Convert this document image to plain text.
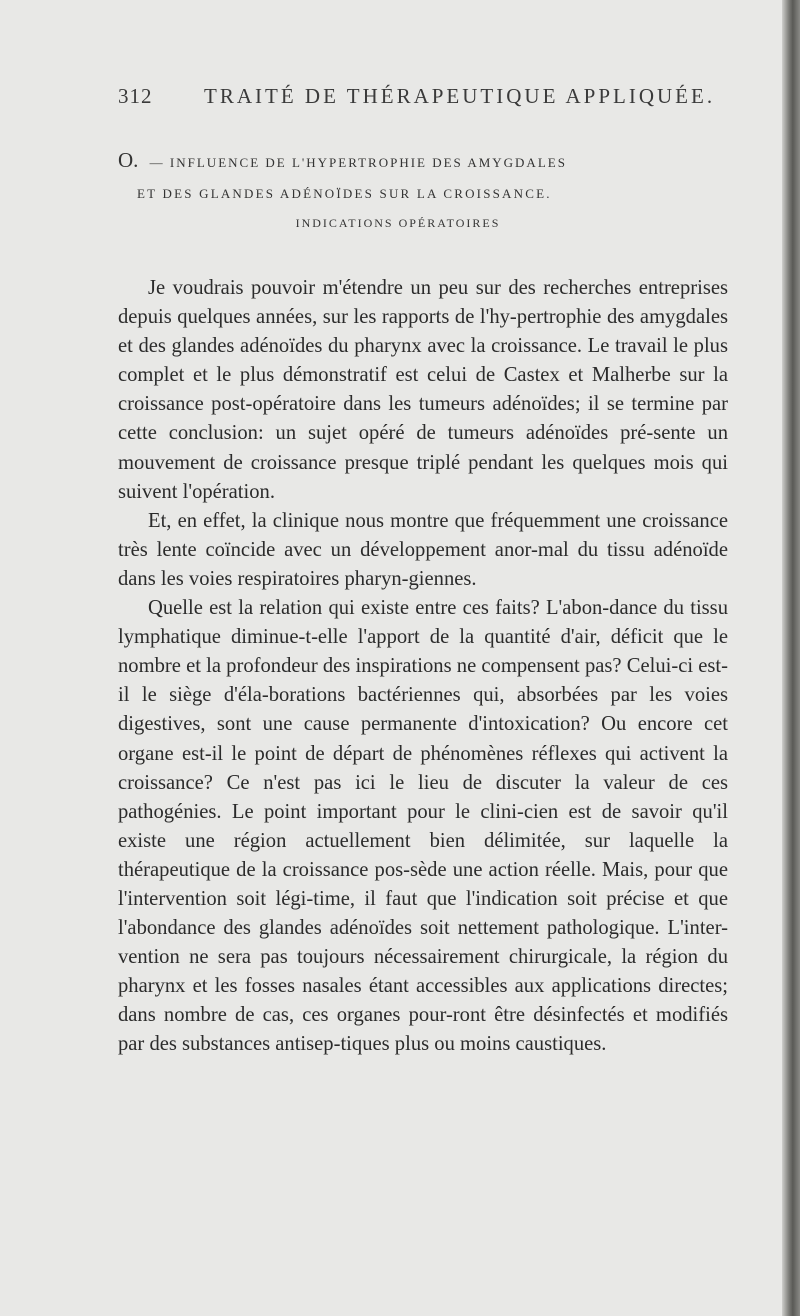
312 TRAITÉ DE THÉRAPEUTIQUE APPLIQUÉE.
O. — INFLUENCE DE L'HYPERTROPHIE DES AMYGDALES
ET DES GLANDES ADÉNOÏDES SUR LA CROISSANCE.
INDICATIONS OPÉRATOIRES

Je voudrais pouvoir m'étendre un peu sur des recherches entreprises depuis quelques années, sur les rapports de l'hy-pertrophie des amygdales et des glandes adénoïdes du pharynx avec la croissance. Le travail le plus complet et le plus démonstratif est celui de Castex et Malherbe sur la croissance post-opératoire dans les tumeurs adénoïdes; il se termine par cette conclusion: un sujet opéré de tumeurs adénoïdes pré-sente un mouvement de croissance presque triplé pendant les quelques mois qui suivent l'opération.

Et, en effet, la clinique nous montre que fréquemment une croissance très lente coïncide avec un développement anor-mal du tissu adénoïde dans les voies respiratoires pharyn-giennes.

Quelle est la relation qui existe entre ces faits? L'abon-dance du tissu lymphatique diminue-t-elle l'apport de la quantité d'air, déficit que le nombre et la profondeur des inspirations ne compensent pas? Celui-ci est-il le siège d'éla-borations bactériennes qui, absorbées par les voies digestives, sont une cause permanente d'intoxication? Ou encore cet organe est-il le point de départ de phénomènes réflexes qui activent la croissance? Ce n'est pas ici le lieu de discuter la valeur de ces pathogénies. Le point important pour le clini-cien est de savoir qu'il existe une région actuellement bien délimitée, sur laquelle la thérapeutique de la croissance pos-sède une action réelle. Mais, pour que l'intervention soit légi-time, il faut que l'indication soit précise et que l'abondance des glandes adénoïdes soit nettement pathologique. L'inter-vention ne sera pas toujours nécessairement chirurgicale, la région du pharynx et les fosses nasales étant accessibles aux applications directes; dans nombre de cas, ces organes pour-ront être désinfectés et modifiés par des substances antisep-tiques plus ou moins caustiques.
